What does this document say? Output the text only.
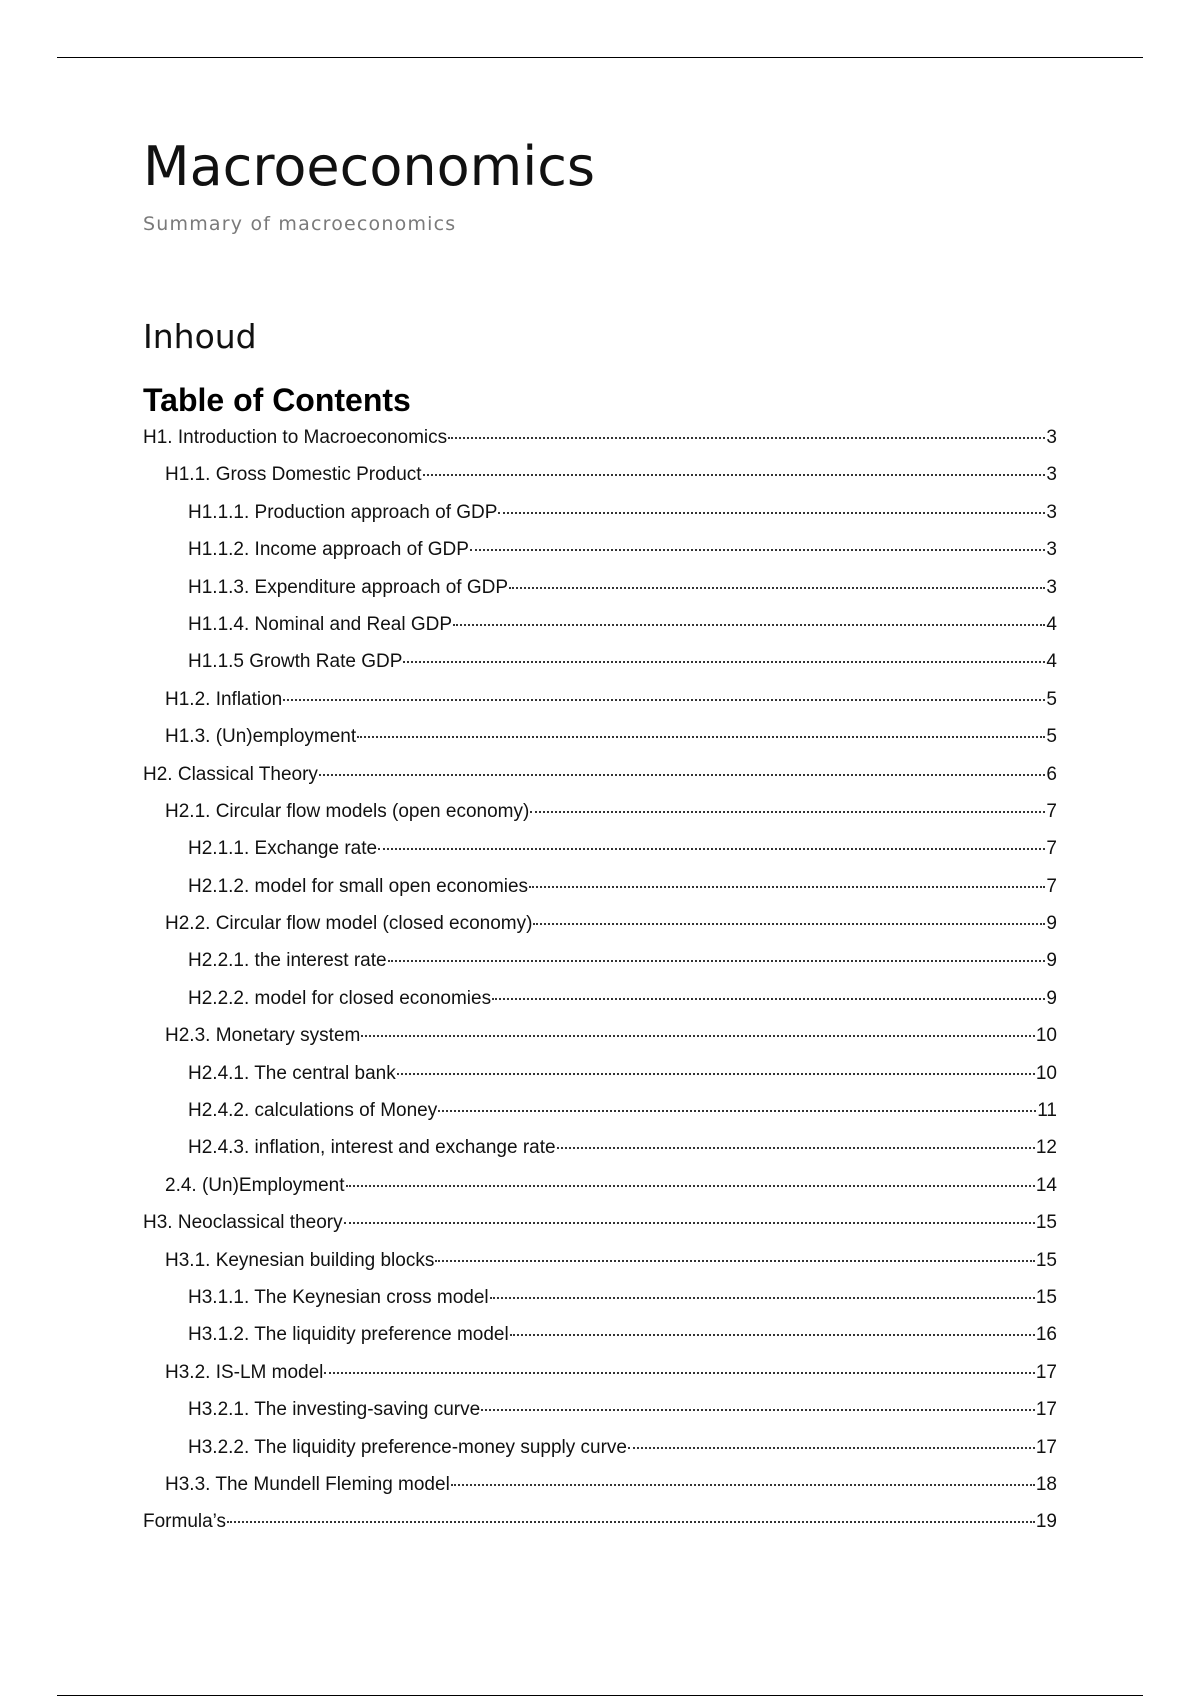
Macroeconomics
Summary of macroeconomics
Inhoud
Table of Contents
H1. Introduction to Macroeconomics	3
H1.1. Gross Domestic Product	3
H1.1.1. Production approach of GDP	3
H1.1.2. Income approach of GDP	3
H1.1.3. Expenditure approach of GDP	3
H1.1.4. Nominal and Real GDP	4
H1.1.5 Growth Rate GDP	4
H1.2. Inflation	5
H1.3. (Un)employment	5
H2. Classical Theory	6
H2.1. Circular flow models (open economy)	7
H2.1.1. Exchange rate	7
H2.1.2. model for small open economies	7
H2.2. Circular flow model (closed economy)	9
H2.2.1. the interest rate	9
H2.2.2. model for closed economies	9
H2.3. Monetary system	10
H2.4.1. The central bank	10
H2.4.2. calculations of Money	11
H2.4.3. inflation, interest and exchange rate	12
2.4. (Un)Employment	14
H3. Neoclassical theory	15
H3.1. Keynesian building blocks	15
H3.1.1. The Keynesian cross model	15
H3.1.2. The liquidity preference model	16
H3.2. IS-LM model	17
H3.2.1. The investing-saving curve	17
H3.2.2. The liquidity preference-money supply curve	17
H3.3. The Mundell Fleming model	18
Formula’s	19
